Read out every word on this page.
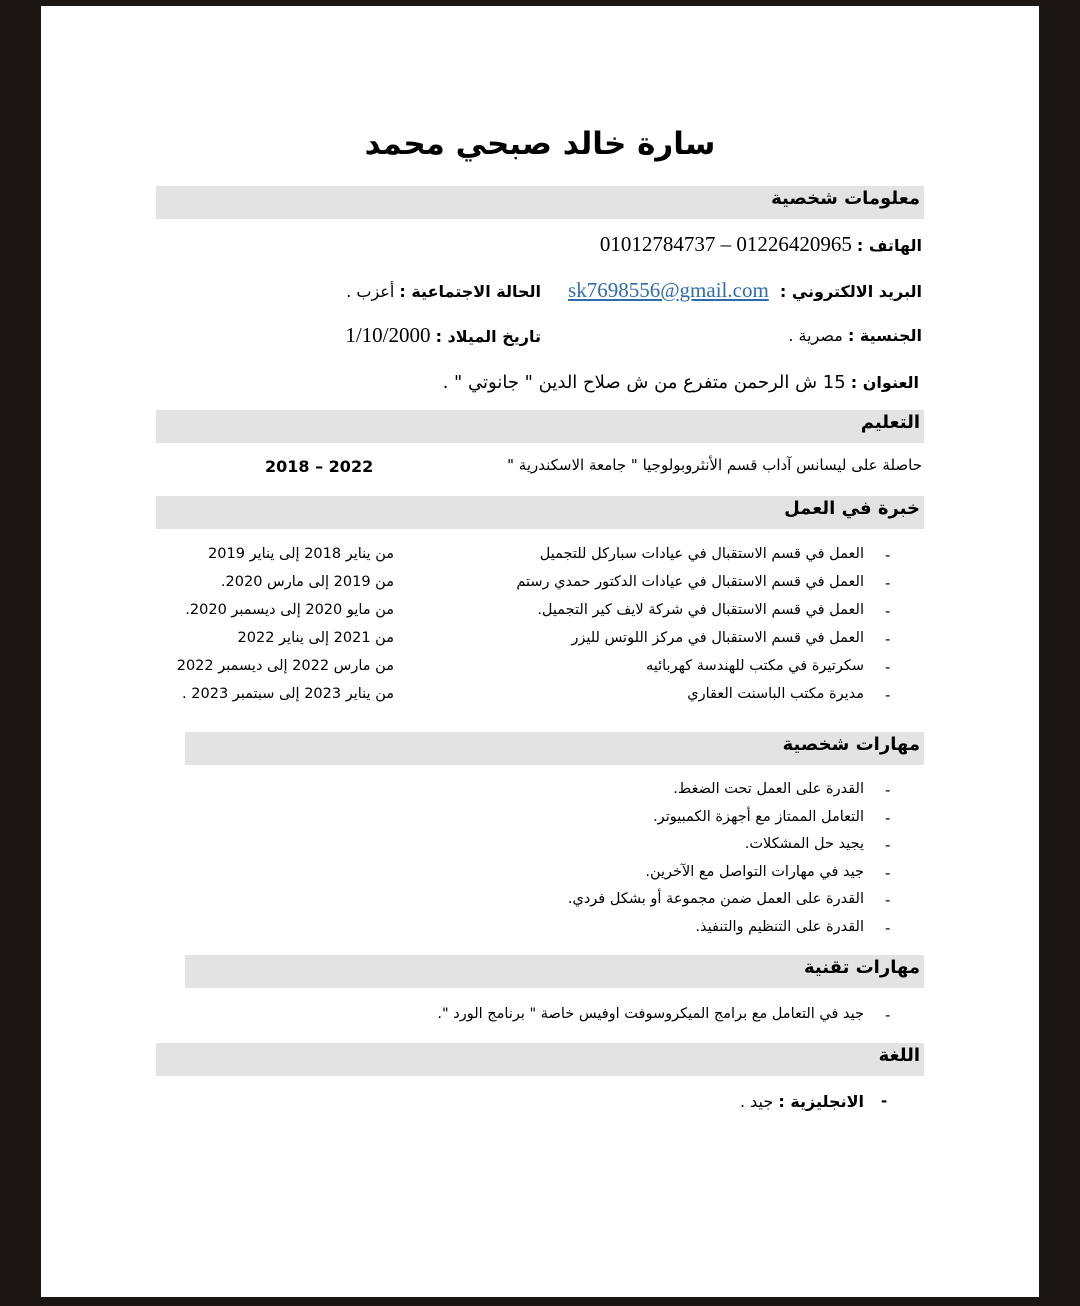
سارة خالد صبحي محمد
معلومات شخصية
الهاتف : 01012784737 – 01226420965
البريد الالكتروني : sk7698556@gmail.com
الحالة الاجتماعية : أعزب .
الجنسية : مصرية .
تاريخ الميلاد : 1/10/2000
العنوان : 15 ش الرحمن متفرع من ش صلاح الدين " جانوتي " .
التعليم
حاصلة على ليسانس آداب قسم الأنثروبولوجيا " جامعة الاسكندرية "
2018 – 2022
خبرة في العمل
-
العمل في قسم الاستقبال في عيادات سباركل للتجميل
من يناير 2018 إلى يناير 2019
-
العمل في قسم الاستقبال في عيادات الدكتور حمدي رستم
من 2019 إلى مارس 2020.
-
العمل في قسم الاستقبال في شركة لايف كير التجميل.
من مايو 2020 إلى ديسمبر 2020.
-
العمل في قسم الاستقبال في مركز اللوتس لليزر
من 2021 إلى يناير 2022
-
سكرتيرة في مكتب للهندسة كهربائيه
من مارس 2022 إلى ديسمبر 2022
-
مديرة مكتب الباسنت العقاري
من يناير 2023 إلى سبتمبر 2023 .
مهارات شخصية
-
القدرة على العمل تحت الضغط.
-
التعامل الممتاز مع أجهزة الكمبيوتر.
-
يجيد حل المشكلات.
-
جيد في مهارات التواصل مع الآخرين.
-
القدرة على العمل ضمن مجموعة أو بشكل فردي.
-
القدرة على التنظيم والتنفيذ.
مهارات تقنية
-
جيد في التعامل مع برامج الميكروسوفت اوفيس خاصة " برنامج الورد ".
اللغة
-
الانجليزية : جيد .
